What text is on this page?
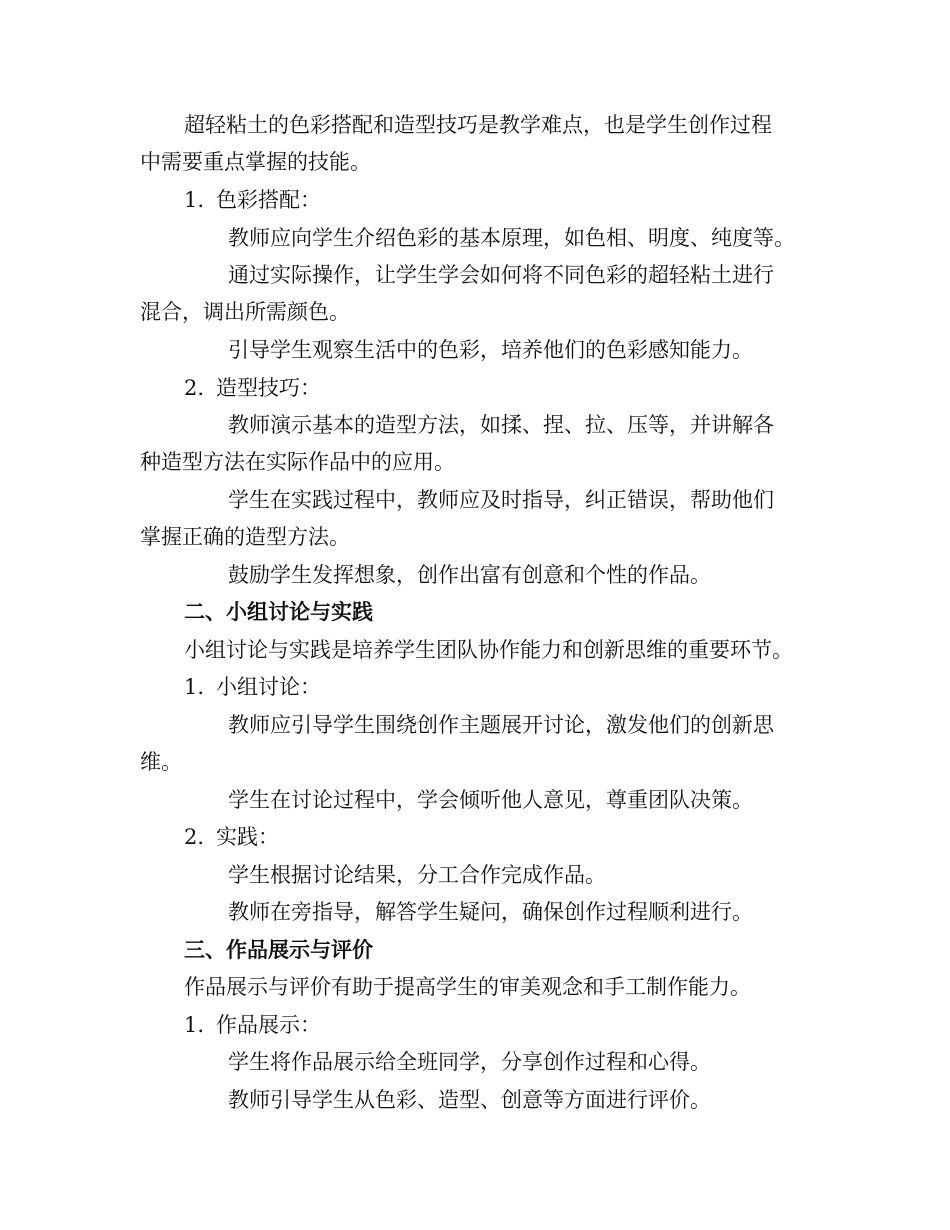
超轻粘土的色彩搭配和造型技巧是教学难点，也是学生创作过程
中需要重点掌握的技能。
1. 色彩搭配：
教师应向学生介绍色彩的基本原理，如色相、明度、纯度等。
通过实际操作，让学生学会如何将不同色彩的超轻粘土进行
混合，调出所需颜色。
引导学生观察生活中的色彩，培养他们的色彩感知能力。
2. 造型技巧：
教师演示基本的造型方法，如揉、捏、拉、压等，并讲解各
种造型方法在实际作品中的应用。
学生在实践过程中，教师应及时指导，纠正错误，帮助他们
掌握正确的造型方法。
鼓励学生发挥想象，创作出富有创意和个性的作品。
二、小组讨论与实践
小组讨论与实践是培养学生团队协作能力和创新思维的重要环节。
1. 小组讨论：
教师应引导学生围绕创作主题展开讨论，激发他们的创新思
维。
学生在讨论过程中，学会倾听他人意见，尊重团队决策。
2. 实践：
学生根据讨论结果，分工合作完成作品。
教师在旁指导，解答学生疑问，确保创作过程顺利进行。
三、作品展示与评价
作品展示与评价有助于提高学生的审美观念和手工制作能力。
1. 作品展示：
学生将作品展示给全班同学，分享创作过程和心得。
教师引导学生从色彩、造型、创意等方面进行评价。
